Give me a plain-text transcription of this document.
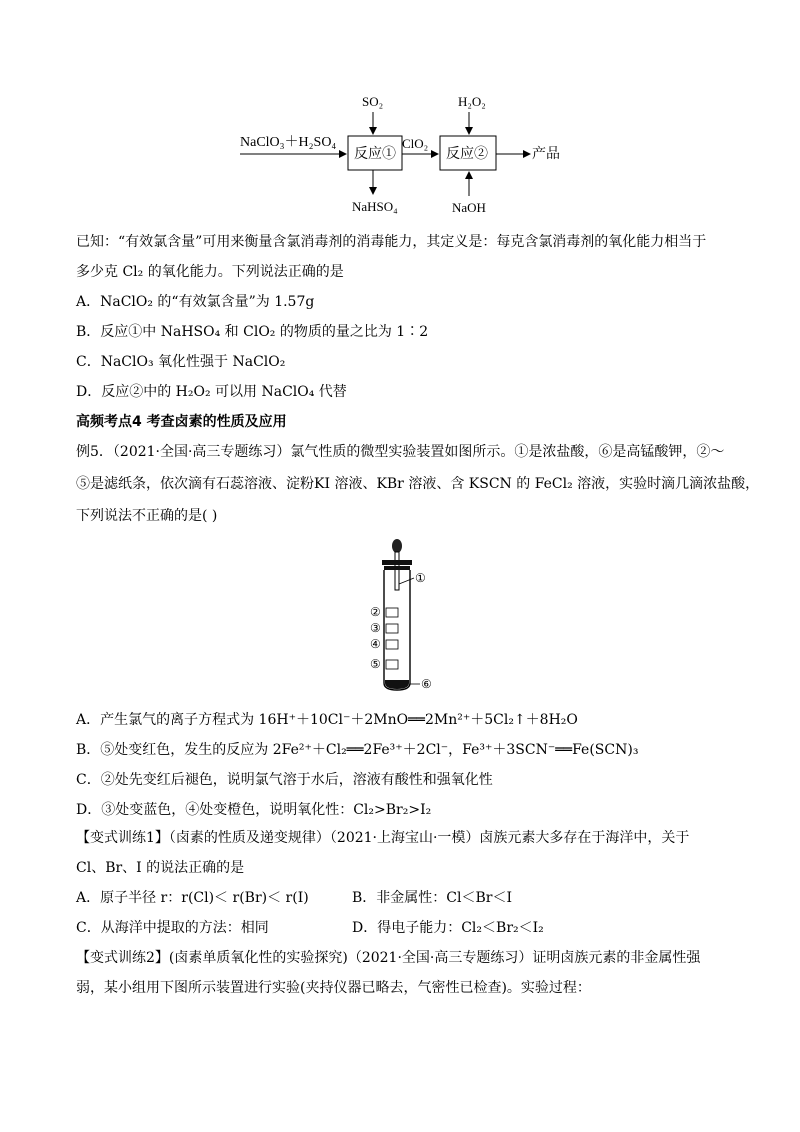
NaClO₃＋H₂SO₄
SO₂
反应①
NaHSO₄
ClO₂
H₂O₂
反应②	产品
NaOH
已知：“有效氯含量”可用来衡量含氯消毒剂的消毒能力，其定义是：每克含氯消毒剂的氧化能力相当于
多少克 Cl₂ 的氧化能力。下列说法正确的是
A．NaClO₂ 的“有效氯含量”为 1.57g
B．反应①中 NaHSO₄ 和 ClO₂ 的物质的量之比为 1∶2
C．NaClO₃ 氧化性强于 NaClO₂
D．反应②中的 H₂O₂ 可以用 NaClO₄ 代替
高频考点4 考查卤素的性质及应用
例5．（2021·全国·高三专题练习）氯气性质的微型实验装置如图所示。①是浓盐酸，⑥是高锰酸钾，②～
⑤是滤纸条，依次滴有石蕊溶液、淀粉KI 溶液、KBr 溶液、含 KSCN 的 FeCl₂ 溶液，实验时滴几滴浓盐酸，
下列说法不正确的是( )
①
②
③
④
⑤
⑥
A．产生氯气的离子方程式为 16H⁺＋10Cl⁻＋2MnO══2Mn²⁺＋5Cl₂↑＋8H₂O
B．⑤处变红色，发生的反应为 2Fe²⁺＋Cl₂══2Fe³⁺＋2Cl⁻，Fe³⁺＋3SCN⁻══Fe(SCN)₃
C．②处先变红后褪色，说明氯气溶于水后，溶液有酸性和强氧化性
D．③处变蓝色，④处变橙色，说明氧化性：Cl₂>Br₂>I₂
【变式训练1】（卤素的性质及递变规律）（2021·上海宝山·一模）卤族元素大多存在于海洋中，关于
Cl、Br、I 的说法正确的是
A．原子半径 r：r(Cl)＜ r(Br)＜ r(I)	B．非金属性：Cl＜Br＜I
C．从海洋中提取的方法：相同	D．得电子能力：Cl₂＜Br₂＜I₂
【变式训练2】(卤素单质氧化性的实验探究)（2021·全国·高三专题练习）证明卤族元素的非金属性强
弱，某小组用下图所示装置进行实验(夹持仪器已略去，气密性已检查)。实验过程：
